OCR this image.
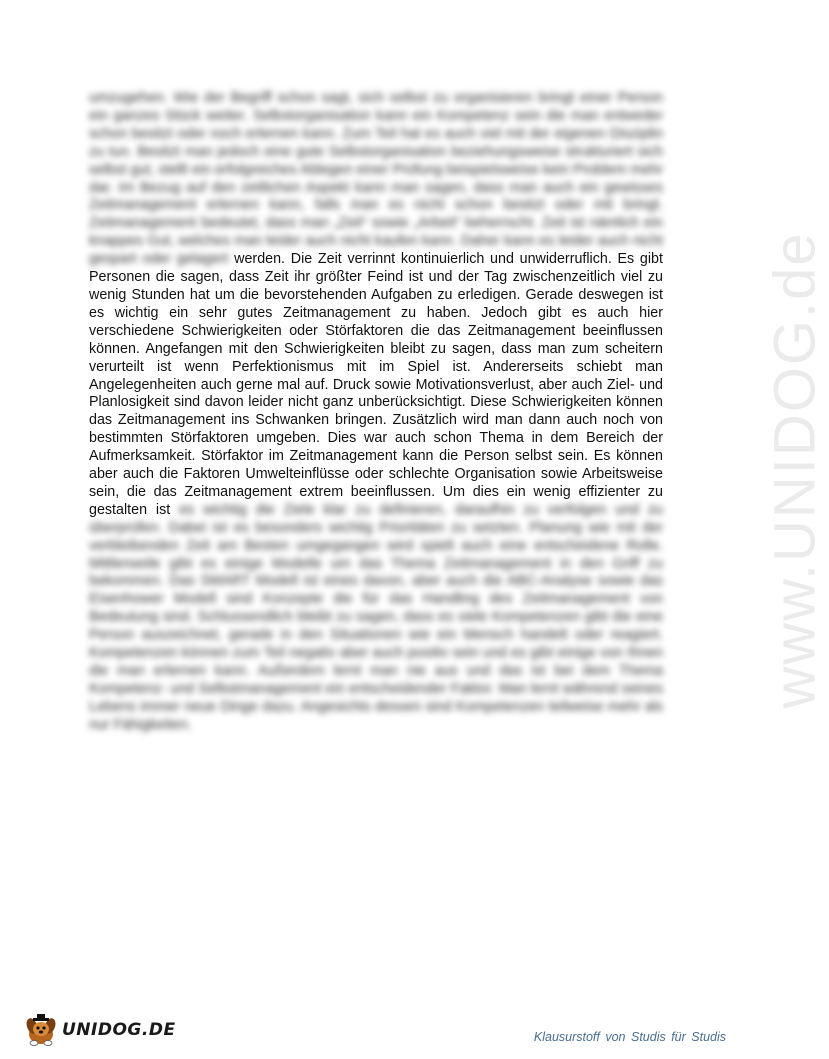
www.UNIDOG.de

umzugehen. Wie der Begriff schon sagt, sich selbst zu organisieren bringt einer Person ein ganzes Stück weiter. Selbstorganisation kann ein Kompetenz sein die man entweder schon besitzt oder noch erlernen kann. Zum Teil hat es auch viel mit der eigenen Disziplin zu tun. Besitzt man jedoch eine gute Selbstorganisation beziehungsweise strukturiert sich selbst gut, stellt ein erfolgreiches Ablegen einer Prüfung beispielsweise kein Problem mehr dar. Im Bezug auf den zeitlichen Aspekt kann man sagen, dass man auch ein gewisses Zeitmanagement erlernen kann, falls man es nicht schon besitzt oder mit bringt. Zeitmanagement bedeutet, dass man „Zeit“ sowie „Arbeit“ beherrscht. Zeit ist nämlich ein knappes Gut, welches man leider auch nicht kaufen kann. Daher kann es leider auch nicht gespart oder gelagert werden. Die Zeit verrinnt kontinuierlich und unwiderruflich. Es gibt Personen die sagen, dass Zeit ihr größter Feind ist und der Tag zwischenzeitlich viel zu wenig Stunden hat um die bevorstehenden Aufgaben zu erledigen. Gerade deswegen ist es wichtig ein sehr gutes Zeitmanagement zu haben. Jedoch gibt es auch hier verschiedene Schwierigkeiten oder Störfaktoren die das Zeitmanagement beeinflussen können. Angefangen mit den Schwierigkeiten bleibt zu sagen, dass man zum scheitern verurteilt ist wenn Perfektionismus mit im Spiel ist. Andererseits schiebt man Angelegenheiten auch gerne mal auf. Druck sowie Motivationsverlust, aber auch Ziel- und Planlosigkeit sind davon leider nicht ganz unberücksichtigt. Diese Schwierigkeiten können das Zeitmanagement ins Schwanken bringen. Zusätzlich wird man dann auch noch von bestimmten Störfaktoren umgeben. Dies war auch schon Thema in dem Bereich der Aufmerksamkeit. Störfaktor im Zeitmanagement kann die Person selbst sein. Es können aber auch die Faktoren Umwelteinflüsse oder schlechte Organisation sowie Arbeitsweise sein, die das Zeitmanagement extrem beeinflussen. Um dies ein wenig effizienter zu gestalten ist es wichtig die Ziele klar zu definieren, daraufhin zu verfolgen und zu überprüfen. Dabei ist es besonders wichtig Prioritäten zu setzten. Planung wie mit der verbleibenden Zeit am Besten umgegangen wird spielt auch eine entscheidene Rolle. Mittlerweile gibt es einige Modelle um das Thema Zeitmanagement in den Griff zu bekommen. Das SMART Modell ist eines davon, aber auch die ABC-Analyse sowie das Eisenhower Modell sind Konzepte die für das Handling des Zeitmanagement von Bedeutung sind. Schlussendlich bleibt zu sagen, dass es viele Kompetenzen gibt die eine Person auszeichnet, gerade in den Situationen wie ein Mensch handelt oder reagiert. Kompetenzen können zum Teil negativ aber auch positiv sein und es gibt einige von Ihnen die man erlernen kann. Außerdem lernt man nie aus und das ist bei dem Thema Kompetenz- und Selbstmanagement ein entscheidender Faktor. Man lernt während seines Lebens immer neue Dinge dazu. Angesichts dessen sind Kompetenzen teilweise mehr als nur Fähigkeiten.

UNIDOG.DE	Klausurstoff von Studis für Studis
